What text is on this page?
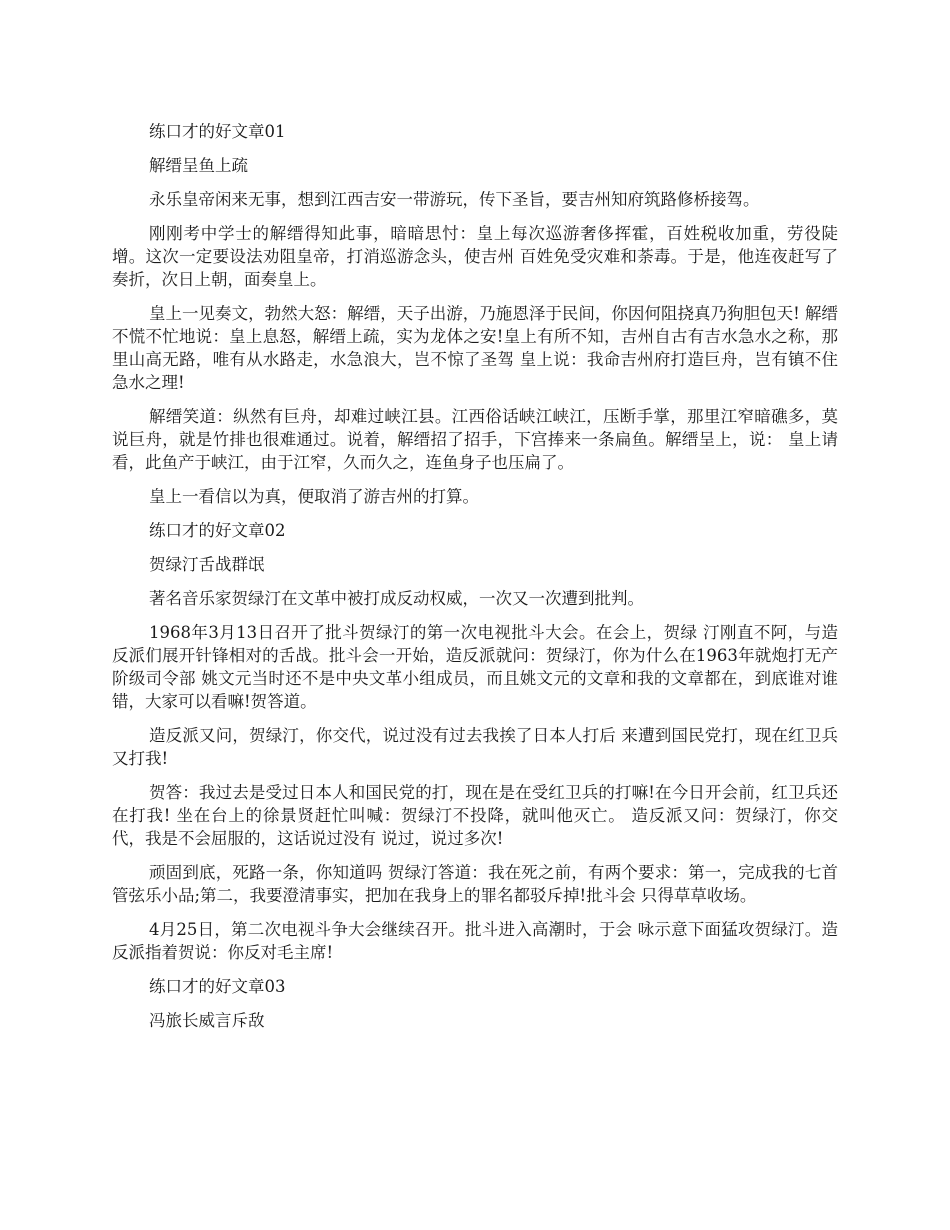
练口才的好文章01

解缙呈鱼上疏

永乐皇帝闲来无事，想到江西吉安一带游玩，传下圣旨，要吉州知府筑路修桥接驾。

刚刚考中学士的解缙得知此事，暗暗思忖：皇上每次巡游奢侈挥霍，百姓税收加重，劳役陡增。这次一定要设法劝阻皇帝，打消巡游念头，使吉州 百姓免受灾难和荼毒。于是，他连夜赶写了奏折，次日上朝，面奏皇上。

皇上一见奏文，勃然大怒：解缙，天子出游，乃施恩泽于民间，你因何阻挠真乃狗胆包天! 解缙不慌不忙地说：皇上息怒，解缙上疏，实为龙体之安!皇上有所不知，吉州自古有吉水急水之称，那里山高无路，唯有从水路走，水急浪大，岂不惊了圣驾 皇上说：我命吉州府打造巨舟，岂有镇不住急水之理!

解缙笑道：纵然有巨舟，却难过峡江县。江西俗话峡江峡江，压断手掌，那里江窄暗礁多，莫说巨舟，就是竹排也很难通过。说着，解缙招了招手，下宫捧来一条扁鱼。解缙呈上，说： 皇上请看，此鱼产于峡江，由于江窄，久而久之，连鱼身子也压扁了。

皇上一看信以为真，便取消了游吉州的打算。

练口才的好文章02

贺绿汀舌战群氓

著名音乐家贺绿汀在文革中被打成反动权威，一次又一次遭到批判。

1968年3月13日召开了批斗贺绿汀的第一次电视批斗大会。在会上，贺绿 汀刚直不阿，与造反派们展开针锋相对的舌战。批斗会一开始，造反派就问：贺绿汀，你为什么在1963年就炮打无产阶级司令部 姚文元当时还不是中央文革小组成员，而且姚文元的文章和我的文章都在，到底谁对谁错，大家可以看嘛!贺答道。

造反派又问，贺绿汀，你交代，说过没有过去我挨了日本人打后 来遭到国民党打，现在红卫兵又打我!

贺答：我过去是受过日本人和国民党的打，现在是在受红卫兵的打嘛!在今日开会前，红卫兵还在打我! 坐在台上的徐景贤赶忙叫喊：贺绿汀不投降，就叫他灭亡。 造反派又问：贺绿汀，你交代，我是不会屈服的，这话说过没有 说过，说过多次!

顽固到底，死路一条，你知道吗 贺绿汀答道：我在死之前，有两个要求：第一，完成我的七首管弦乐小品;第二，我要澄清事实，把加在我身上的罪名都驳斥掉!批斗会 只得草草收场。

4月25日，第二次电视斗争大会继续召开。批斗进入高潮时，于会 咏示意下面猛攻贺绿汀。造反派指着贺说：你反对毛主席!

练口才的好文章03

冯旅长威言斥敌
